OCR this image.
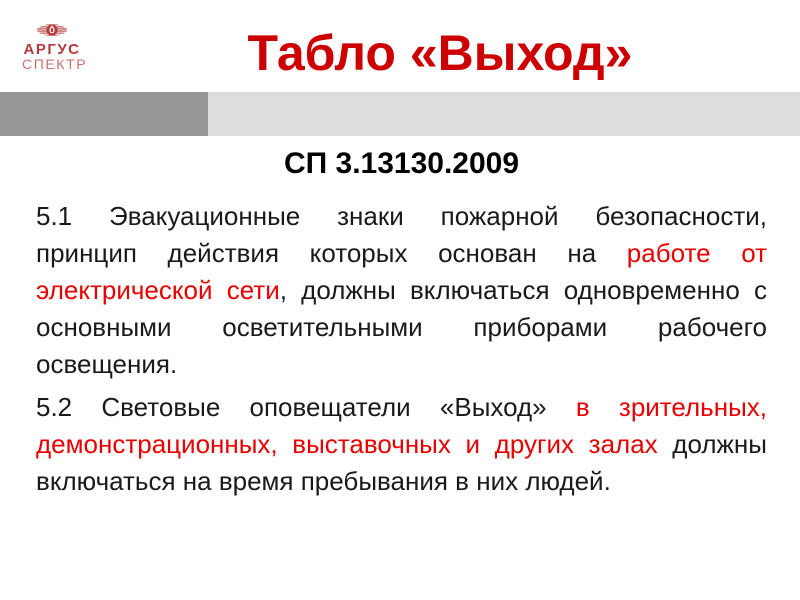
АРГУС
СПЕКТР	Табло «Выход»
СП 3.13130.2009
5.1 Эвакуационные знаки пожарной безопасности,
принцип действия которых основан на работе от
электрической сети, должны включаться одновременно с
основными осветительными приборами рабочего
освещения.
5.2 Световые оповещатели «Выход» в зрительных,
демонстрационных, выставочных и других залах должны
включаться на время пребывания в них людей.
